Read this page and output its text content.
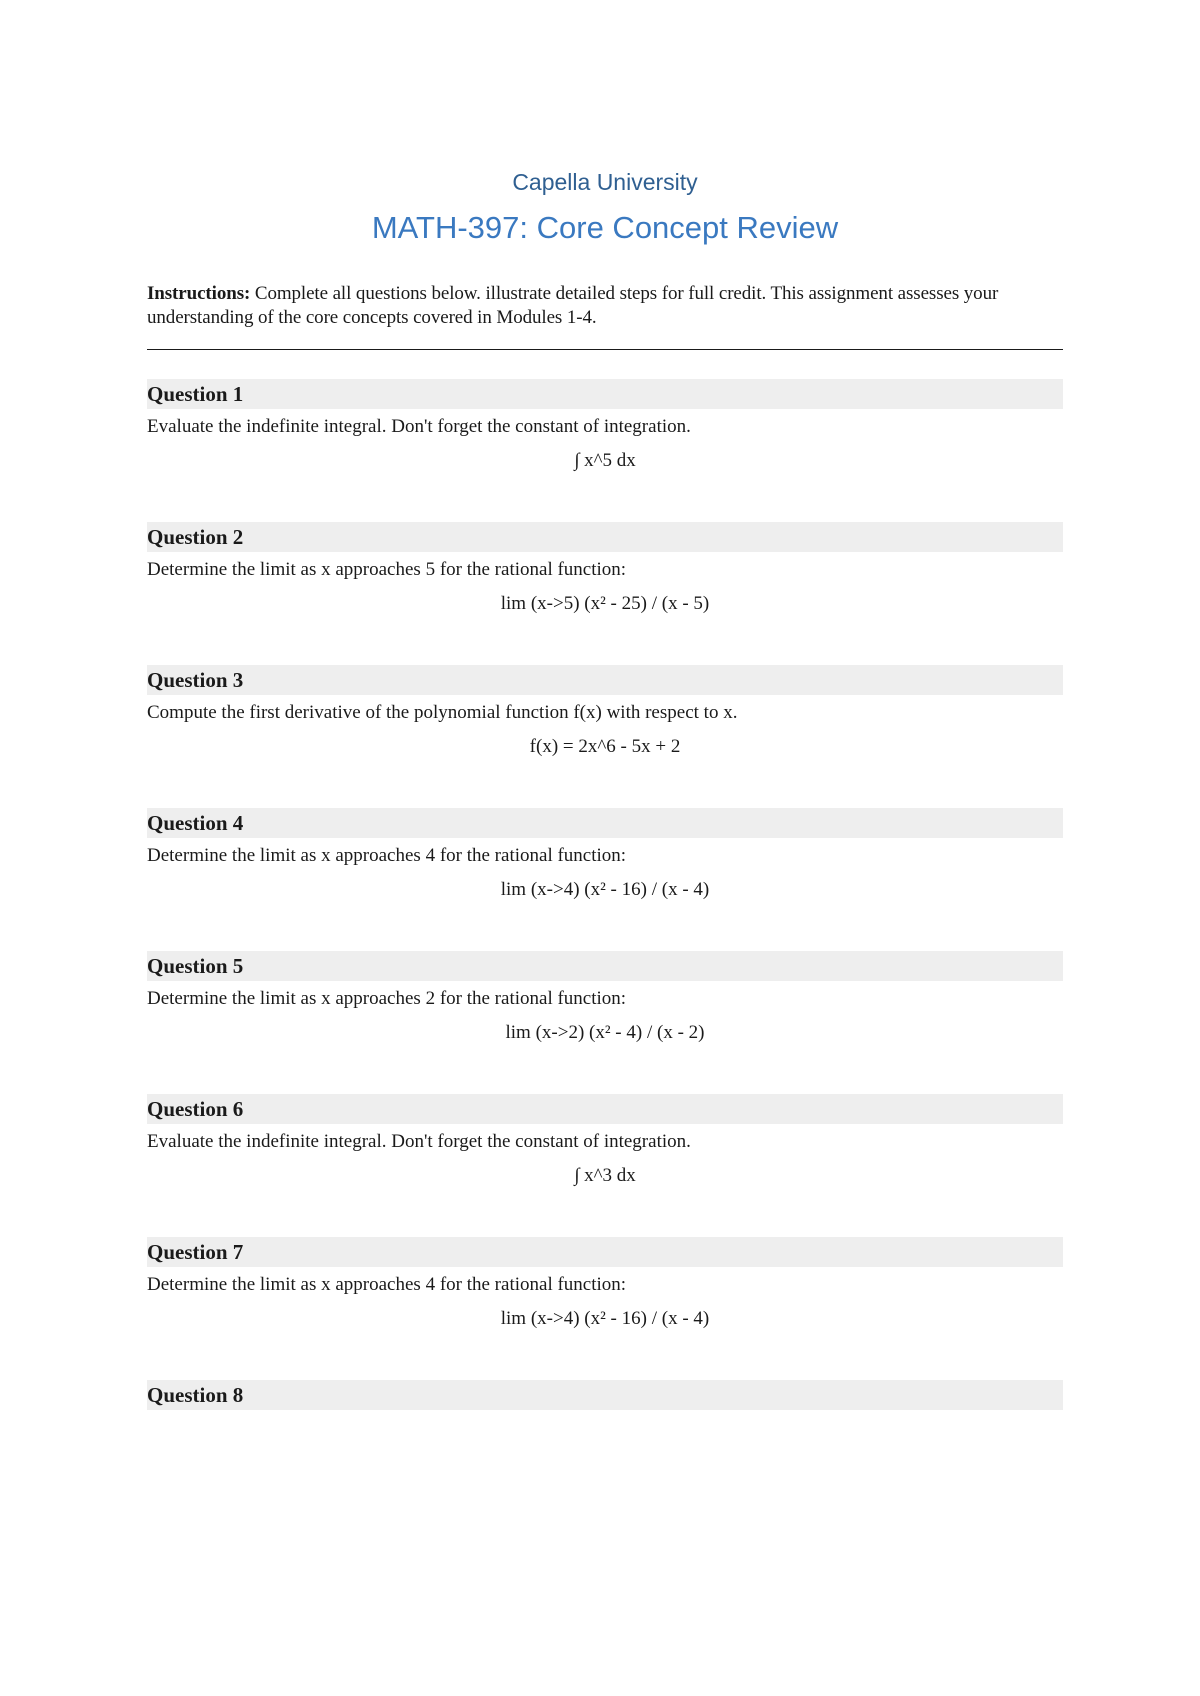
Capella University

MATH-397: Core Concept Review

Instructions: Complete all questions below. illustrate detailed steps for full credit. This assignment assesses your understanding of the core concepts covered in Modules 1-4.

Question 1
Evaluate the indefinite integral. Don't forget the constant of integration.
∫ x^5 dx
Question 2
Determine the limit as x approaches 5 for the rational function:
lim (x->5) (x² - 25) / (x - 5)
Question 3
Compute the first derivative of the polynomial function f(x) with respect to x.
f(x) = 2x^6 - 5x + 2
Question 4
Determine the limit as x approaches 4 for the rational function:
lim (x->4) (x² - 16) / (x - 4)
Question 5
Determine the limit as x approaches 2 for the rational function:
lim (x->2) (x² - 4) / (x - 2)
Question 6
Evaluate the indefinite integral. Don't forget the constant of integration.
∫ x^3 dx
Question 7
Determine the limit as x approaches 4 for the rational function:
lim (x->4) (x² - 16) / (x - 4)
Question 8
